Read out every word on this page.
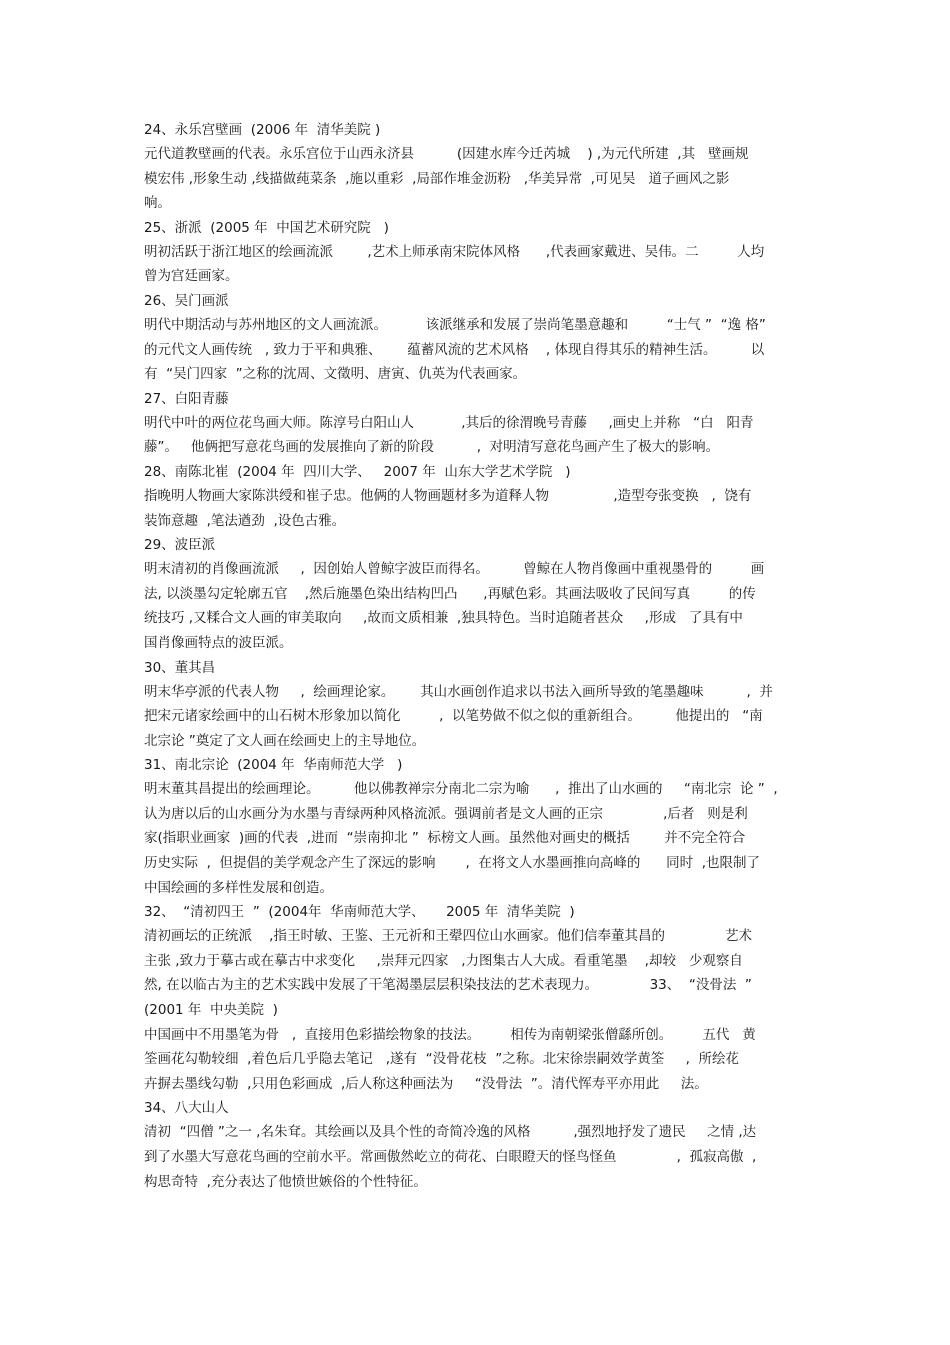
24、永乐宫壁画  (2006 年  清华美院 )
元代道教壁画的代表。永乐宫位于山西永济县          (因建水库今迁芮城    ) ,为元代所建  ,其   壁画规
模宏伟 ,形象生动 ,线描做莼菜条  ,施以重彩  ,局部作堆金沥粉   ,华美异常  ,可见吴   道子画风之影
响。
25、浙派  (2005 年  中国艺术研究院   )
明初活跃于浙江地区的绘画流派        ,艺术上师承南宋院体风格      ,代表画家戴进、吴伟。二         人均
曾为宫廷画家。
26、吴门画派
明代中期活动与苏州地区的文人画流派。         该派继承和发展了崇尚笔墨意趣和         “士气 ”  “逸 格”
的元代文人画传统   , 致力于平和典雅、      蕴蓄风流的艺术风格    , 体现自得其乐的精神生活。        以
有  “吴门四家  ”之称的沈周、文徵明、唐寅、仇英为代表画家。
27、白阳青藤
明代中叶的两位花鸟画大师。陈淳号白阳山人           ,其后的徐渭晚号青藤     ,画史上并称   “白   阳青
藤”。   他俩把写意花鸟画的发展推向了新的阶段          ,  对明清写意花鸟画产生了极大的影响。
28、南陈北崔  (2004 年  四川大学、   2007 年  山东大学艺术学院   )
指晚明人物画大家陈洪绶和崔子忠。他俩的人物画题材多为道释人物               ,造型夸张变换   ,  饶有
装饰意趣  ,笔法遒劲  ,设色古雅。
29、波臣派
明末清初的肖像画流派     ,  因创始人曾鲸字波臣而得名。        曾鲸在人物肖像画中重视墨骨的         画
法, 以淡墨勾定轮廓五官    ,然后施墨色染出结构凹凸      ,再赋色彩。其画法吸收了民间写真         的传
统技巧 ,又糅合文人画的审美取向     ,故而文质相兼  ,独具特色。当时追随者甚众     ,形成   了具有中
国肖像画特点的波臣派。
30、董其昌
明末华亭派的代表人物     ,  绘画理论家。      其山水画创作追求以书法入画所导致的笔墨趣味          ,  并
把宋元诸家绘画中的山石树木形象加以简化         ,  以笔势做不似之似的重新组合。        他提出的   “南
北宗论 ”奠定了文人画在绘画史上的主导地位。
31、南北宗论  (2004 年  华南师范大学   )
明末董其昌提出的绘画理论。        他以佛教禅宗分南北二宗为喻      ,  推出了山水画的     “南北宗  论 ”  ,
认为唐以后的山水画分为水墨与青绿两种风格流派。强调前者是文人画的正宗              ,后者   则是利
家(指职业画家  )画的代表  ,进而  “崇南抑北 ”  标榜文人画。虽然他对画史的概括        并不完全符合
历史实际  ,  但提倡的美学观念产生了深远的影响       ,  在将文人水墨画推向高峰的      同时  ,也限制了
中国绘画的多样性发展和创造。
32、  “清初四王  ”  (2004年  华南师范大学、     2005 年  清华美院  )
清初画坛的正统派    ,指王时敏、王鉴、王元祈和王翚四位山水画家。他们信奉董其昌的              艺术
主张 ,致力于摹古或在摹古中求变化     ,崇拜元四家   ,力图集古人大成。看重笔墨    ,却较   少观察自
然, 在以临古为主的艺术实践中发展了干笔渴墨层层积染技法的艺术表现力。            33、  “没骨法  ”
(2001 年  中央美院  )
中国画中不用墨笔为骨   ,  直接用色彩描绘物象的技法。       相传为南朝梁张僧繇所创。       五代   黄
筌画花勾勒较细  ,着色后几乎隐去笔记   ,遂有  “没骨花枝  ”之称。北宋徐崇嗣效学黄筌     ,  所绘花
卉摒去墨线勾勒  ,只用色彩画成  ,后人称这种画法为     “没骨法  ”。清代恽寿平亦用此     法。
34、八大山人
清初  “四僧 ”之一 ,名朱耷。其绘画以及具个性的奇简冷逸的风格          ,强烈地抒发了遗民     之情 ,达
到了水墨大写意花鸟画的空前水平。常画傲然屹立的荷花、白眼瞪天的怪鸟怪鱼              ,  孤寂高傲  ,
构思奇特  ,充分表达了他愤世嫉俗的个性特征。
